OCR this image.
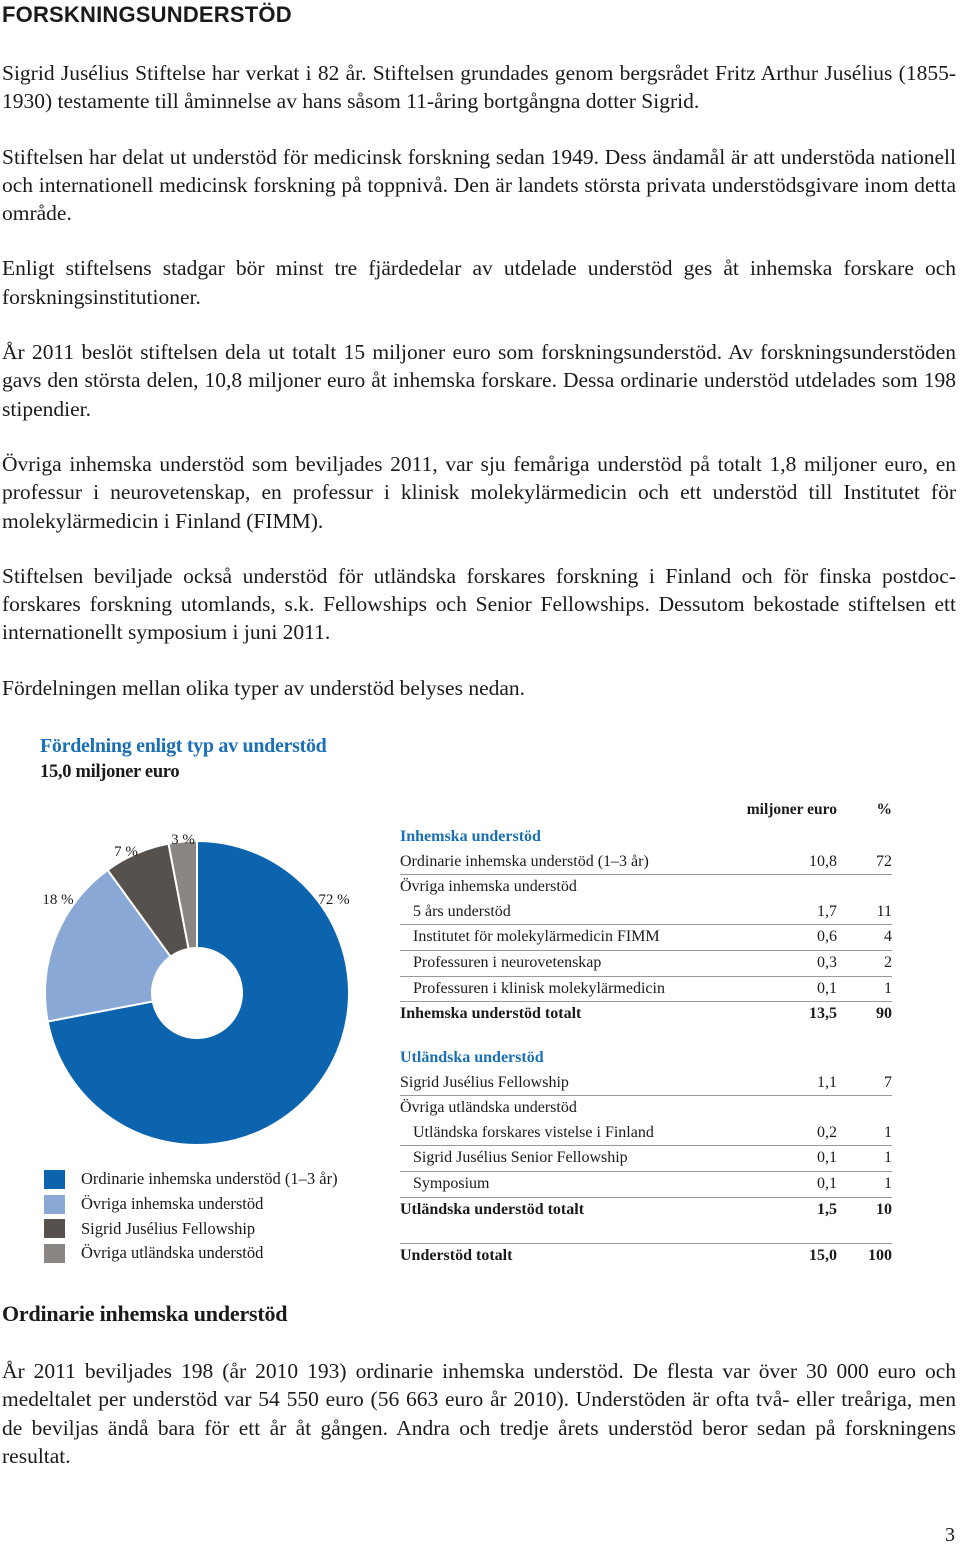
FORSKNINGSUNDERSTÖD

Sigrid Jusélius Stiftelse har verkat i 82 år. Stiftelsen grundades genom bergsrådet Fritz Arthur Jusélius (1855-1930) testamente till åminnelse av hans såsom 11-åring bortgångna dotter Sigrid.

Stiftelsen har delat ut understöd för medicinsk forskning sedan 1949. Dess ändamål är att understöda nationell och internationell medicinsk forskning på toppnivå. Den är landets största privata understödsgivare inom detta område.

Enligt stiftelsens stadgar bör minst tre fjärdedelar av utdelade understöd ges åt inhemska forskare och forskningsinstitutioner.

År 2011 beslöt stiftelsen dela ut totalt 15 miljoner euro som forskningsunderstöd. Av forskningsunderstöden gavs den största delen, 10,8 miljoner euro åt inhemska forskare. Dessa ordinarie understöd utdelades som 198 stipendier.

Övriga inhemska understöd som beviljades 2011, var sju femåriga understöd på totalt 1,8 miljoner euro, en professur i neurovetenskap, en professur i klinisk molekylärmedicin och ett understöd till Institutet för molekylärmedicin i Finland (FIMM).

Stiftelsen beviljade också understöd för utländska forskares forskning i Finland och för finska postdoc-forskares forskning utomlands, s.k. Fellowships och Senior Fellowships. Dessutom bekostade stiftelsen ett internationellt symposium i juni 2011.

Fördelningen mellan olika typer av understöd belyses nedan.

Fördelning enligt typ av understöd
15,0 miljoner euro
72 %
18 %
7 %
3 %
Ordinarie inhemska understöd (1–3 år)
Övriga inhemska understöd
Sigrid Jusélius Fellowship
Övriga utländska understöd
miljoner euro	%
Inhemska understöd
Ordinarie inhemska understöd (1–3 år)	10,8 72
Övriga inhemska understöd
5 års understöd	1,7 11
Institutet för molekylärmedicin FIMM	0,6	4
Professuren i neurovetenskap	0,3	2
Professuren i klinisk molekylärmedicin	0,1	1
Inhemska understöd totalt	13,5 90
Utländska understöd
Sigrid Jusélius Fellowship	1,1	7
Övriga utländska understöd
Utländska forskares vistelse i Finland	0,2	1
Sigrid Jusélius Senior Fellowship	0,1	1
Symposium	0,1	1
Utländska understöd totalt	1,5 10
Understöd totalt	15,0 100
Ordinarie inhemska understöd

År 2011 beviljades 198 (år 2010 193) ordinarie inhemska understöd. De flesta var över 30 000 euro och medeltalet per understöd var 54 550 euro (56 663 euro år 2010). Understöden är ofta två- eller treåriga, men de beviljas ändå bara för ett år åt gången. Andra och tredje årets understöd beror sedan på forskningens resultat.

3
